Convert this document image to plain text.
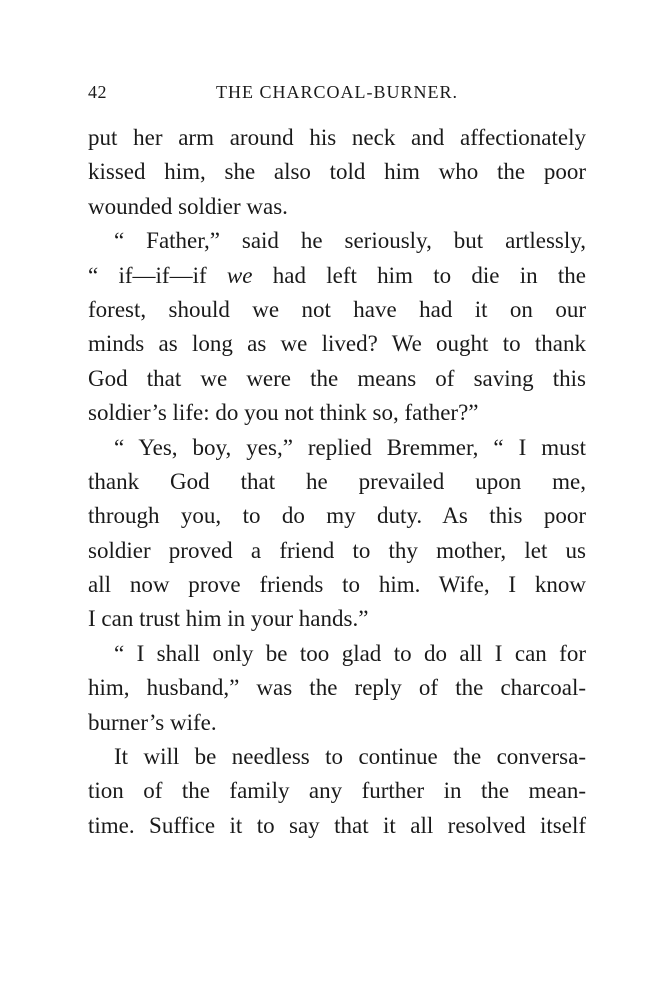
42	THE CHARCOAL-BURNER.
put her arm around his neck and affectionately
kissed him, she also told him who the poor
wounded soldier was.
“ Father,” said he seriously, but artlessly,
“ if—if—if we had left him to die in the
forest, should we not have had it on our
minds as long as we lived? We ought to thank
God that we were the means of saving this
soldier’s life: do you not think so, father?”
“ Yes, boy, yes,” replied Bremmer, “ I must
thank God that he prevailed upon me,
through you, to do my duty. As this poor
soldier proved a friend to thy mother, let us
all now prove friends to him. Wife, I know
I can trust him in your hands.”
“ I shall only be too glad to do all I can for
him, husband,” was the reply of the charcoal-
burner’s wife.
It will be needless to continue the conversa-
tion of the family any further in the mean-
time. Suffice it to say that it all resolved itself
